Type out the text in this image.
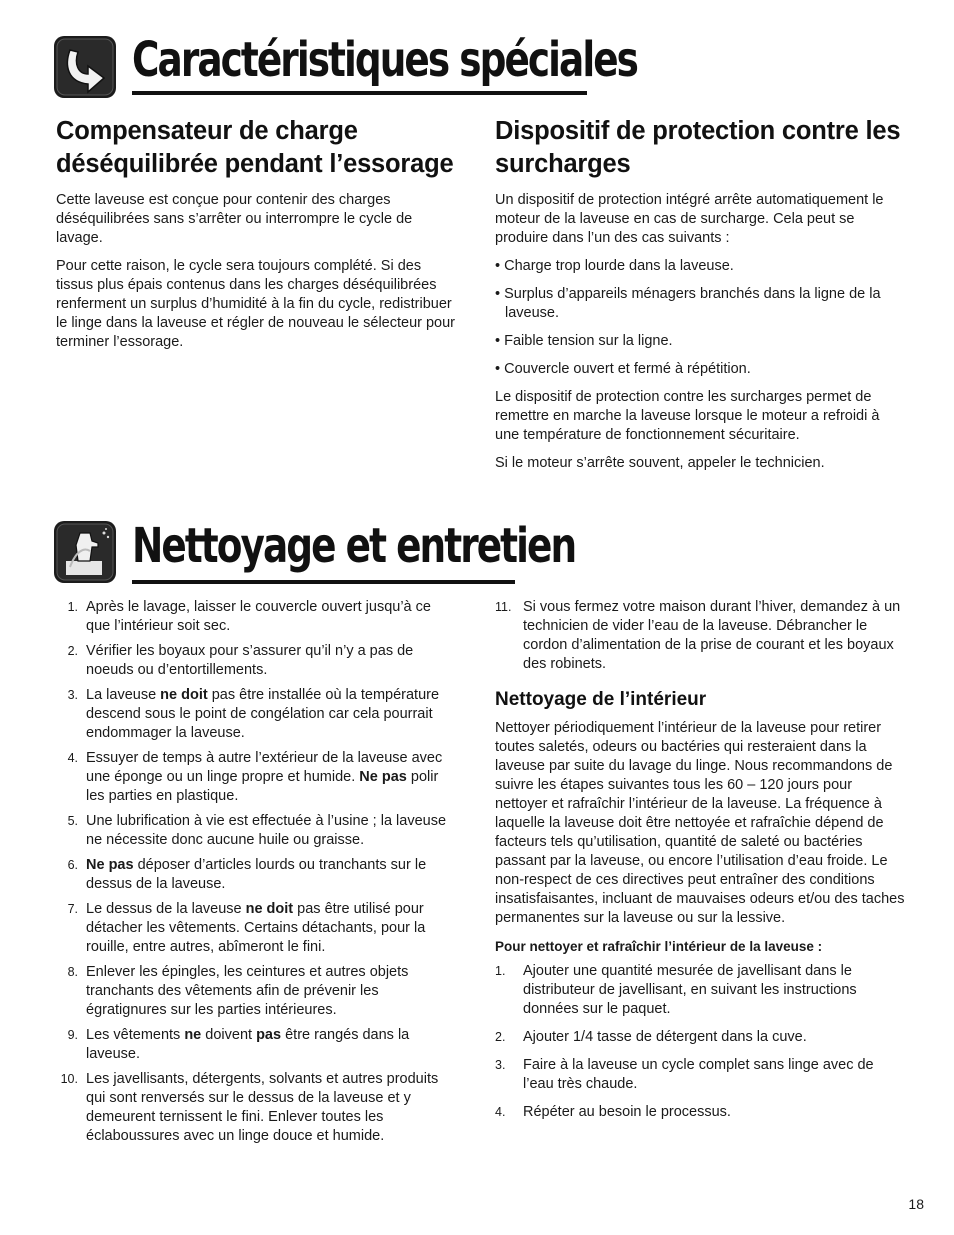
Caractéristiques spéciales
Compensateur de charge déséquilibrée pendant l’essorage

Cette laveuse est conçue pour contenir des charges déséquilibrées sans s’arrêter ou interrompre le cycle de lavage.

Pour cette raison, le cycle sera toujours complété. Si des tissus plus épais contenus dans les charges déséquilibrées renferment un surplus d’humidité à la fin du cycle, redistribuer le linge dans la laveuse et régler de nouveau le sélecteur pour terminer l’essorage.

Dispositif de protection contre les surcharges

Un dispositif de protection intégré arrête automatiquement le moteur de la laveuse en cas de surcharge. Cela peut se produire dans l’un des cas suivants :

• Charge trop lourde dans la laveuse.
• Surplus d’appareils ménagers branchés dans la ligne de la laveuse.
• Faible tension sur la ligne.
• Couvercle ouvert et fermé à répétition.

Le dispositif de protection contre les surcharges permet de remettre en marche la laveuse lorsque le moteur a refroidi à une température de fonctionnement sécuritaire.

Si le moteur s’arrête souvent, appeler le technicien.

Nettoyage et entretien
1. Après le lavage, laisser le couvercle ouvert jusqu’à ce que l’intérieur soit sec.
2. Vérifier les boyaux pour s’assurer qu’il n’y a pas de noeuds ou d’entortillements.
3. La laveuse ne doit pas être installée où la température descend sous le point de congélation car cela pourrait endommager la laveuse.
4. Essuyer de temps à autre l’extérieur de la laveuse avec une éponge ou un linge propre et humide. Ne pas polir les parties en plastique.
5. Une lubrification à vie est effectuée à l’usine ; la laveuse ne nécessite donc aucune huile ou graisse.
6. Ne pas déposer d’articles lourds ou tranchants sur le dessus de la laveuse.
7. Le dessus de la laveuse ne doit pas être utilisé pour détacher les vêtements. Certains détachants, pour la rouille, entre autres, abîmeront le fini.
8. Enlever les épingles, les ceintures et autres objets tranchants des vêtements afin de prévenir les égratignures sur les parties intérieures.
9. Les vêtements ne doivent pas être rangés dans la laveuse.
10. Les javellisants, détergents, solvants et autres produits qui sont renversés sur le dessus de la laveuse et y demeurent ternissent le fini. Enlever toutes les éclaboussures avec un linge douce et humide.
11. Si vous fermez votre maison durant l’hiver, demandez à un technicien de vider l’eau de la laveuse. Débrancher le cordon d’alimentation de la prise de courant et les boyaux des robinets.
Nettoyage de l’intérieur

Nettoyer périodiquement l’intérieur de la laveuse pour retirer toutes saletés, odeurs ou bactéries qui resteraient dans la laveuse par suite du lavage du linge. Nous recommandons de suivre les étapes suivantes tous les 60 – 120 jours pour nettoyer et rafraîchir l’intérieur de la laveuse. La fréquence à laquelle la laveuse doit être nettoyée et rafraîchie dépend de facteurs tels qu’utilisation, quantité de saleté ou bactéries passant par la laveuse, ou encore l’utilisation d’eau froide. Le non-respect de ces directives peut entraîner des conditions insatisfaisantes, incluant de mauvaises odeurs et/ou des taches permanentes sur la laveuse ou sur la lessive.

Pour nettoyer et rafraîchir l’intérieur de la laveuse :
1.	Ajouter une quantité mesurée de javellisant dans le distributeur de javellisant, en suivant les instructions données sur le paquet.
2.	Ajouter 1/4 tasse de détergent dans la cuve.
3.	Faire à la laveuse un cycle complet sans linge avec de l’eau très chaude.
4.	Répéter au besoin le processus.
18
